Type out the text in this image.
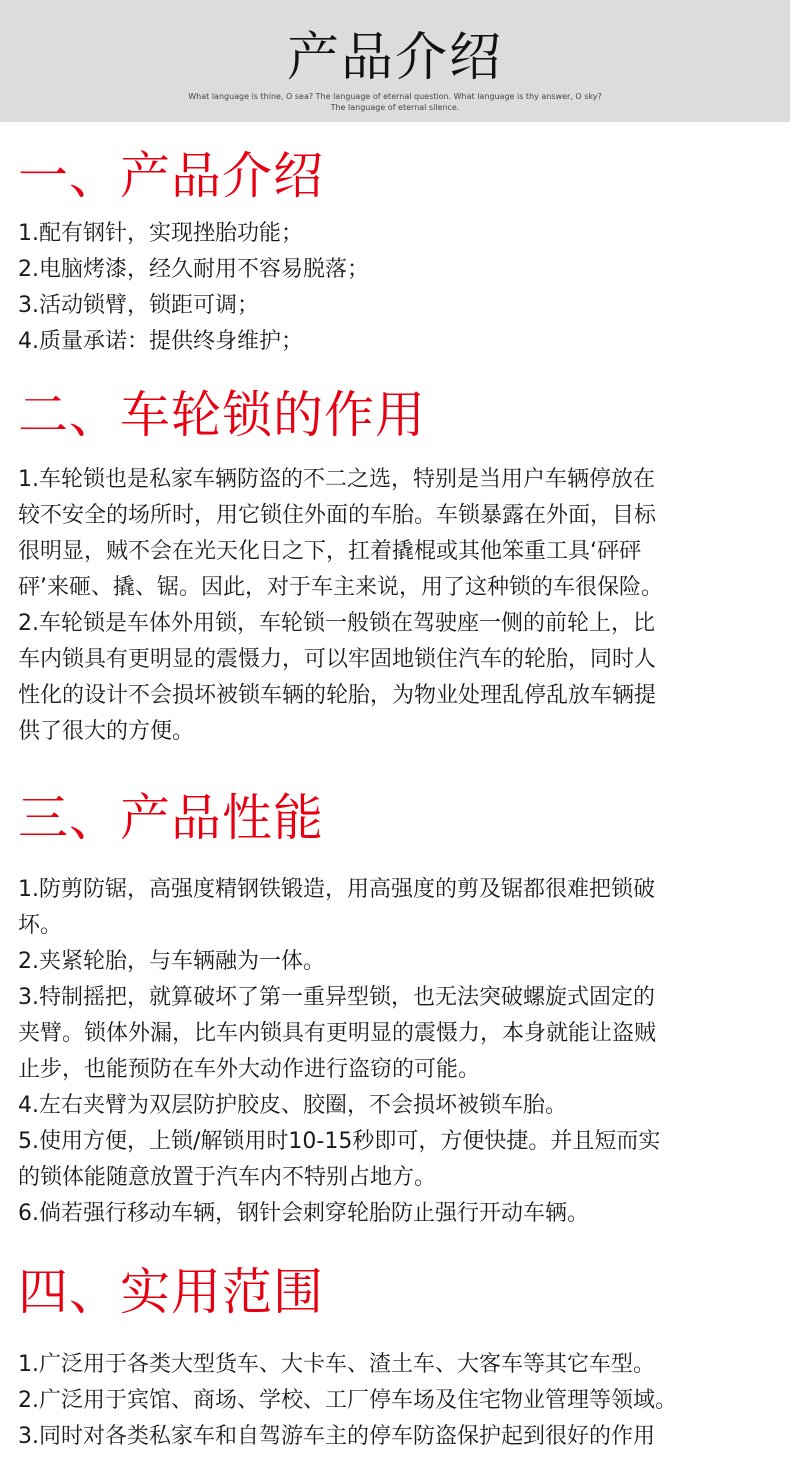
产品介绍
What language is thine, O sea? The language of eternal question. What language is thy answer, O sky?
The language of eternal silence.
一、产品介绍
1.配有钢针，实现挫胎功能；
2.电脑烤漆，经久耐用不容易脱落；
3.活动锁臂，锁距可调；
4.质量承诺：提供终身维护；
二、车轮锁的作用
1.车轮锁也是私家车辆防盗的不二之选，特别是当用户车辆停放在
较不安全的场所时，用它锁住外面的车胎。车锁暴露在外面，目标
很明显，贼不会在光天化日之下，扛着撬棍或其他笨重工具‘砰砰
砰’来砸、撬、锯。因此，对于车主来说，用了这种锁的车很保险。
2.车轮锁是车体外用锁，车轮锁一般锁在驾驶座一侧的前轮上，比
车内锁具有更明显的震慑力，可以牢固地锁住汽车的轮胎，同时人
性化的设计不会损坏被锁车辆的轮胎，为物业处理乱停乱放车辆提
供了很大的方便。
三、产品性能
1.防剪防锯，高强度精钢铁锻造，用高强度的剪及锯都很难把锁破
坏。
2.夹紧轮胎，与车辆融为一体。
3.特制摇把，就算破坏了第一重异型锁，也无法突破螺旋式固定的
夹臂。锁体外漏，比车内锁具有更明显的震慑力，本身就能让盗贼
止步，也能预防在车外大动作进行盗窃的可能。
4.左右夹臂为双层防护胶皮、胶圈，不会损坏被锁车胎。
5.使用方便，上锁/解锁用时10-15秒即可，方便快捷。并且短而实
的锁体能随意放置于汽车内不特别占地方。
6.倘若强行移动车辆，钢针会刺穿轮胎防止强行开动车辆。
四、实用范围
1.广泛用于各类大型货车、大卡车、渣土车、大客车等其它车型。
2.广泛用于宾馆、商场、学校、工厂停车场及住宅物业管理等领域。
3.同时对各类私家车和自驾游车主的停车防盗保护起到很好的作用
